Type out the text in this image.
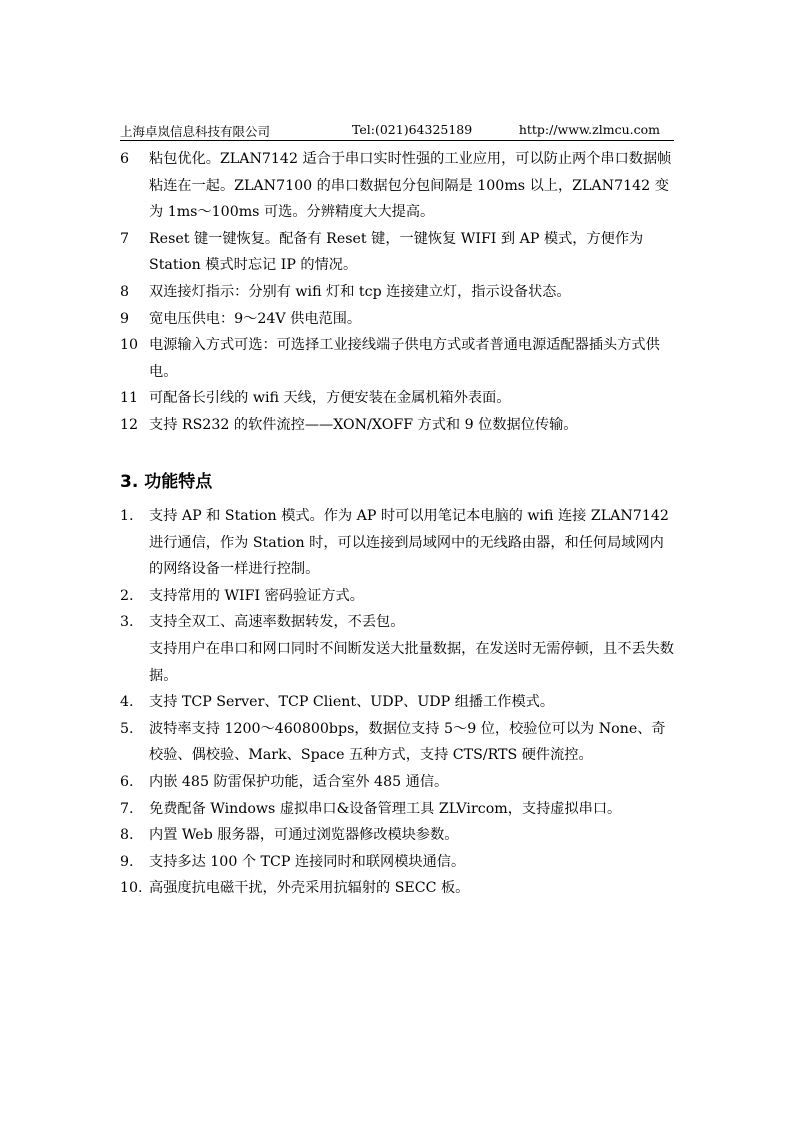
上海卓岚信息科技有限公司	Tel:(021)64325189	http://www.zlmcu.com
6 粘包优化。ZLAN7142 适合于串口实时性强的工业应用，可以防止两个串口数据帧粘连在一起。ZLAN7100 的串口数据包分包间隔是 100ms 以上，ZLAN7142 变为 1ms～100ms 可选。分辨精度大大提高。
7 Reset 键一键恢复。配备有 Reset 键，一键恢复 WIFI 到 AP 模式，方便作为 Station 模式时忘记 IP 的情况。
8 双连接灯指示：分别有 wifi 灯和 tcp 连接建立灯，指示设备状态。
9 宽电压供电：9～24V 供电范围。
10 电源输入方式可选：可选择工业接线端子供电方式或者普通电源适配器插头方式供电。
11 可配备长引线的 wifi 天线，方便安装在金属机箱外表面。
12 支持 RS232 的软件流控——XON/XOFF 方式和 9 位数据位传输。
3. 功能特点
1. 支持 AP 和 Station 模式。作为 AP 时可以用笔记本电脑的 wifi 连接 ZLAN7142 进行通信，作为 Station 时，可以连接到局域网中的无线路由器，和任何局域网内的网络设备一样进行控制。
2. 支持常用的 WIFI 密码验证方式。
3. 支持全双工、高速率数据转发，不丢包。
支持用户在串口和网口同时不间断发送大批量数据，在发送时无需停顿，且不丢失数据。
4. 支持 TCP Server、TCP Client、UDP、UDP 组播工作模式。
5. 波特率支持 1200～460800bps，数据位支持 5～9 位，校验位可以为 None、奇校验、偶校验、Mark、Space 五种方式，支持 CTS/RTS 硬件流控。
6. 内嵌 485 防雷保护功能，适合室外 485 通信。
7. 免费配备 Windows 虚拟串口&设备管理工具 ZLVircom，支持虚拟串口。
8. 内置 Web 服务器，可通过浏览器修改模块参数。
9. 支持多达 100 个 TCP 连接同时和联网模块通信。
10. 高强度抗电磁干扰，外壳采用抗辐射的 SECC 板。
